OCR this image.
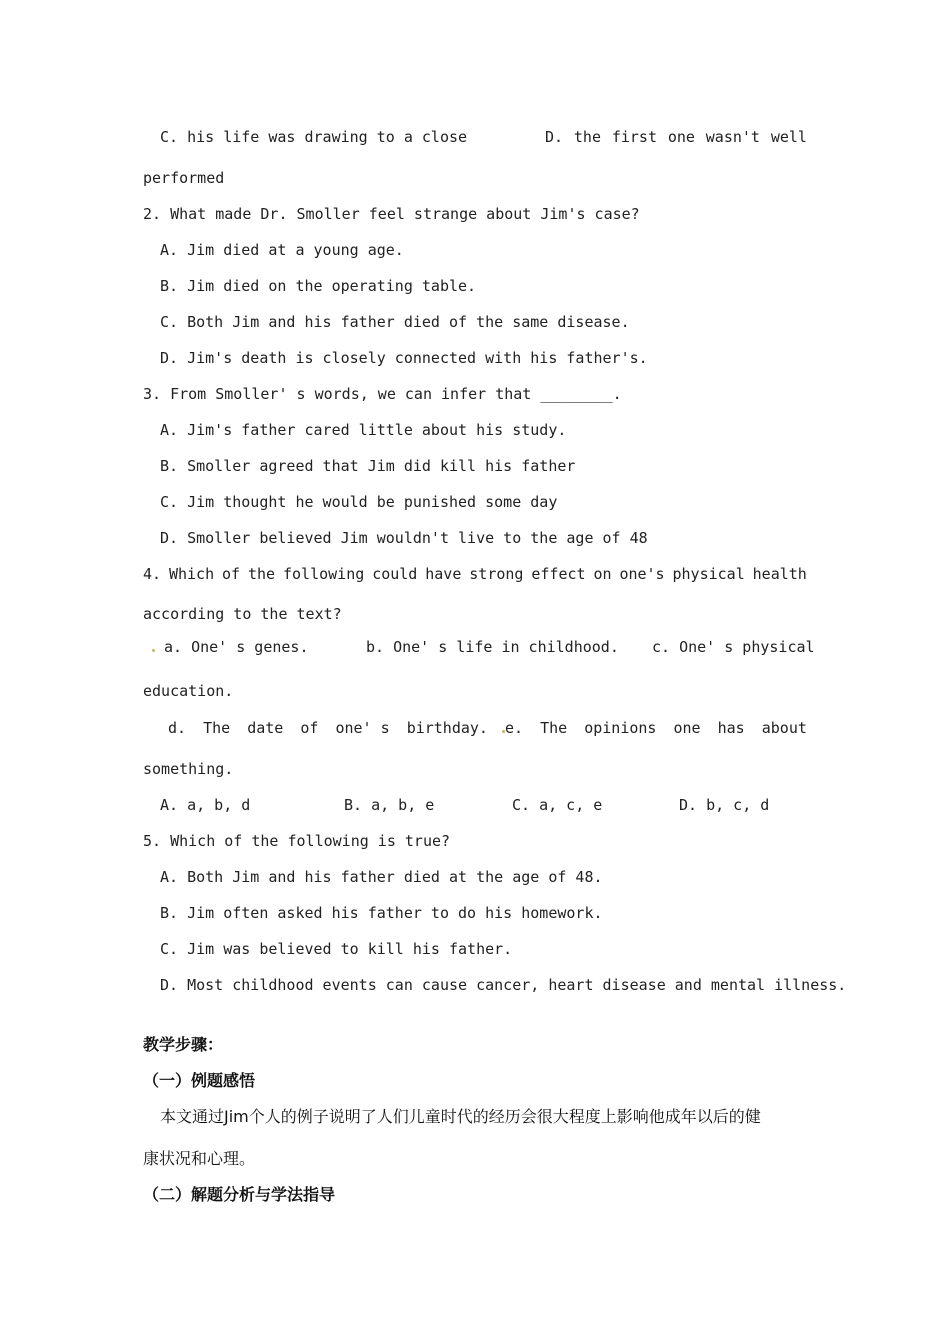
C. his life was drawing to a close	D. the first one wasn't well
performed
2. What made Dr. Smoller feel strange about Jim's case?
A. Jim died at a young age.
B. Jim died on the operating table.
C. Both Jim and his father died of the same disease.
D. Jim's death is closely connected with his father's.
3. From Smoller' s words, we can infer that ________.
A. Jim's father cared little about his study.
B. Smoller agreed that Jim did kill his father
C. Jim thought he would be punished some day
D. Smoller believed Jim wouldn't live to the age of 48
4. Which of the following could have strong effect on one's physical health
according to the text?
a. One' s genes.	b. One' s life in childhood. c. One' s physical
education.
d. The date of one' s birthday. e. The opinions one has about
something.
A. a, b, d	B. a, b, e	C. a, c, e	D. b, c, d
5. Which of the following is true?
A. Both Jim and his father died at the age of 48.
B. Jim often asked his father to do his homework.
C. Jim was believed to kill his father.
D. Most childhood events can cause cancer, heart disease and mental illness.
教学步骤：
（一）例题感悟
本文通过Jim个人的例子说明了人们儿童时代的经历会很大程度上影响他成年以后的健
康状况和心理。
（二）解题分析与学法指导
